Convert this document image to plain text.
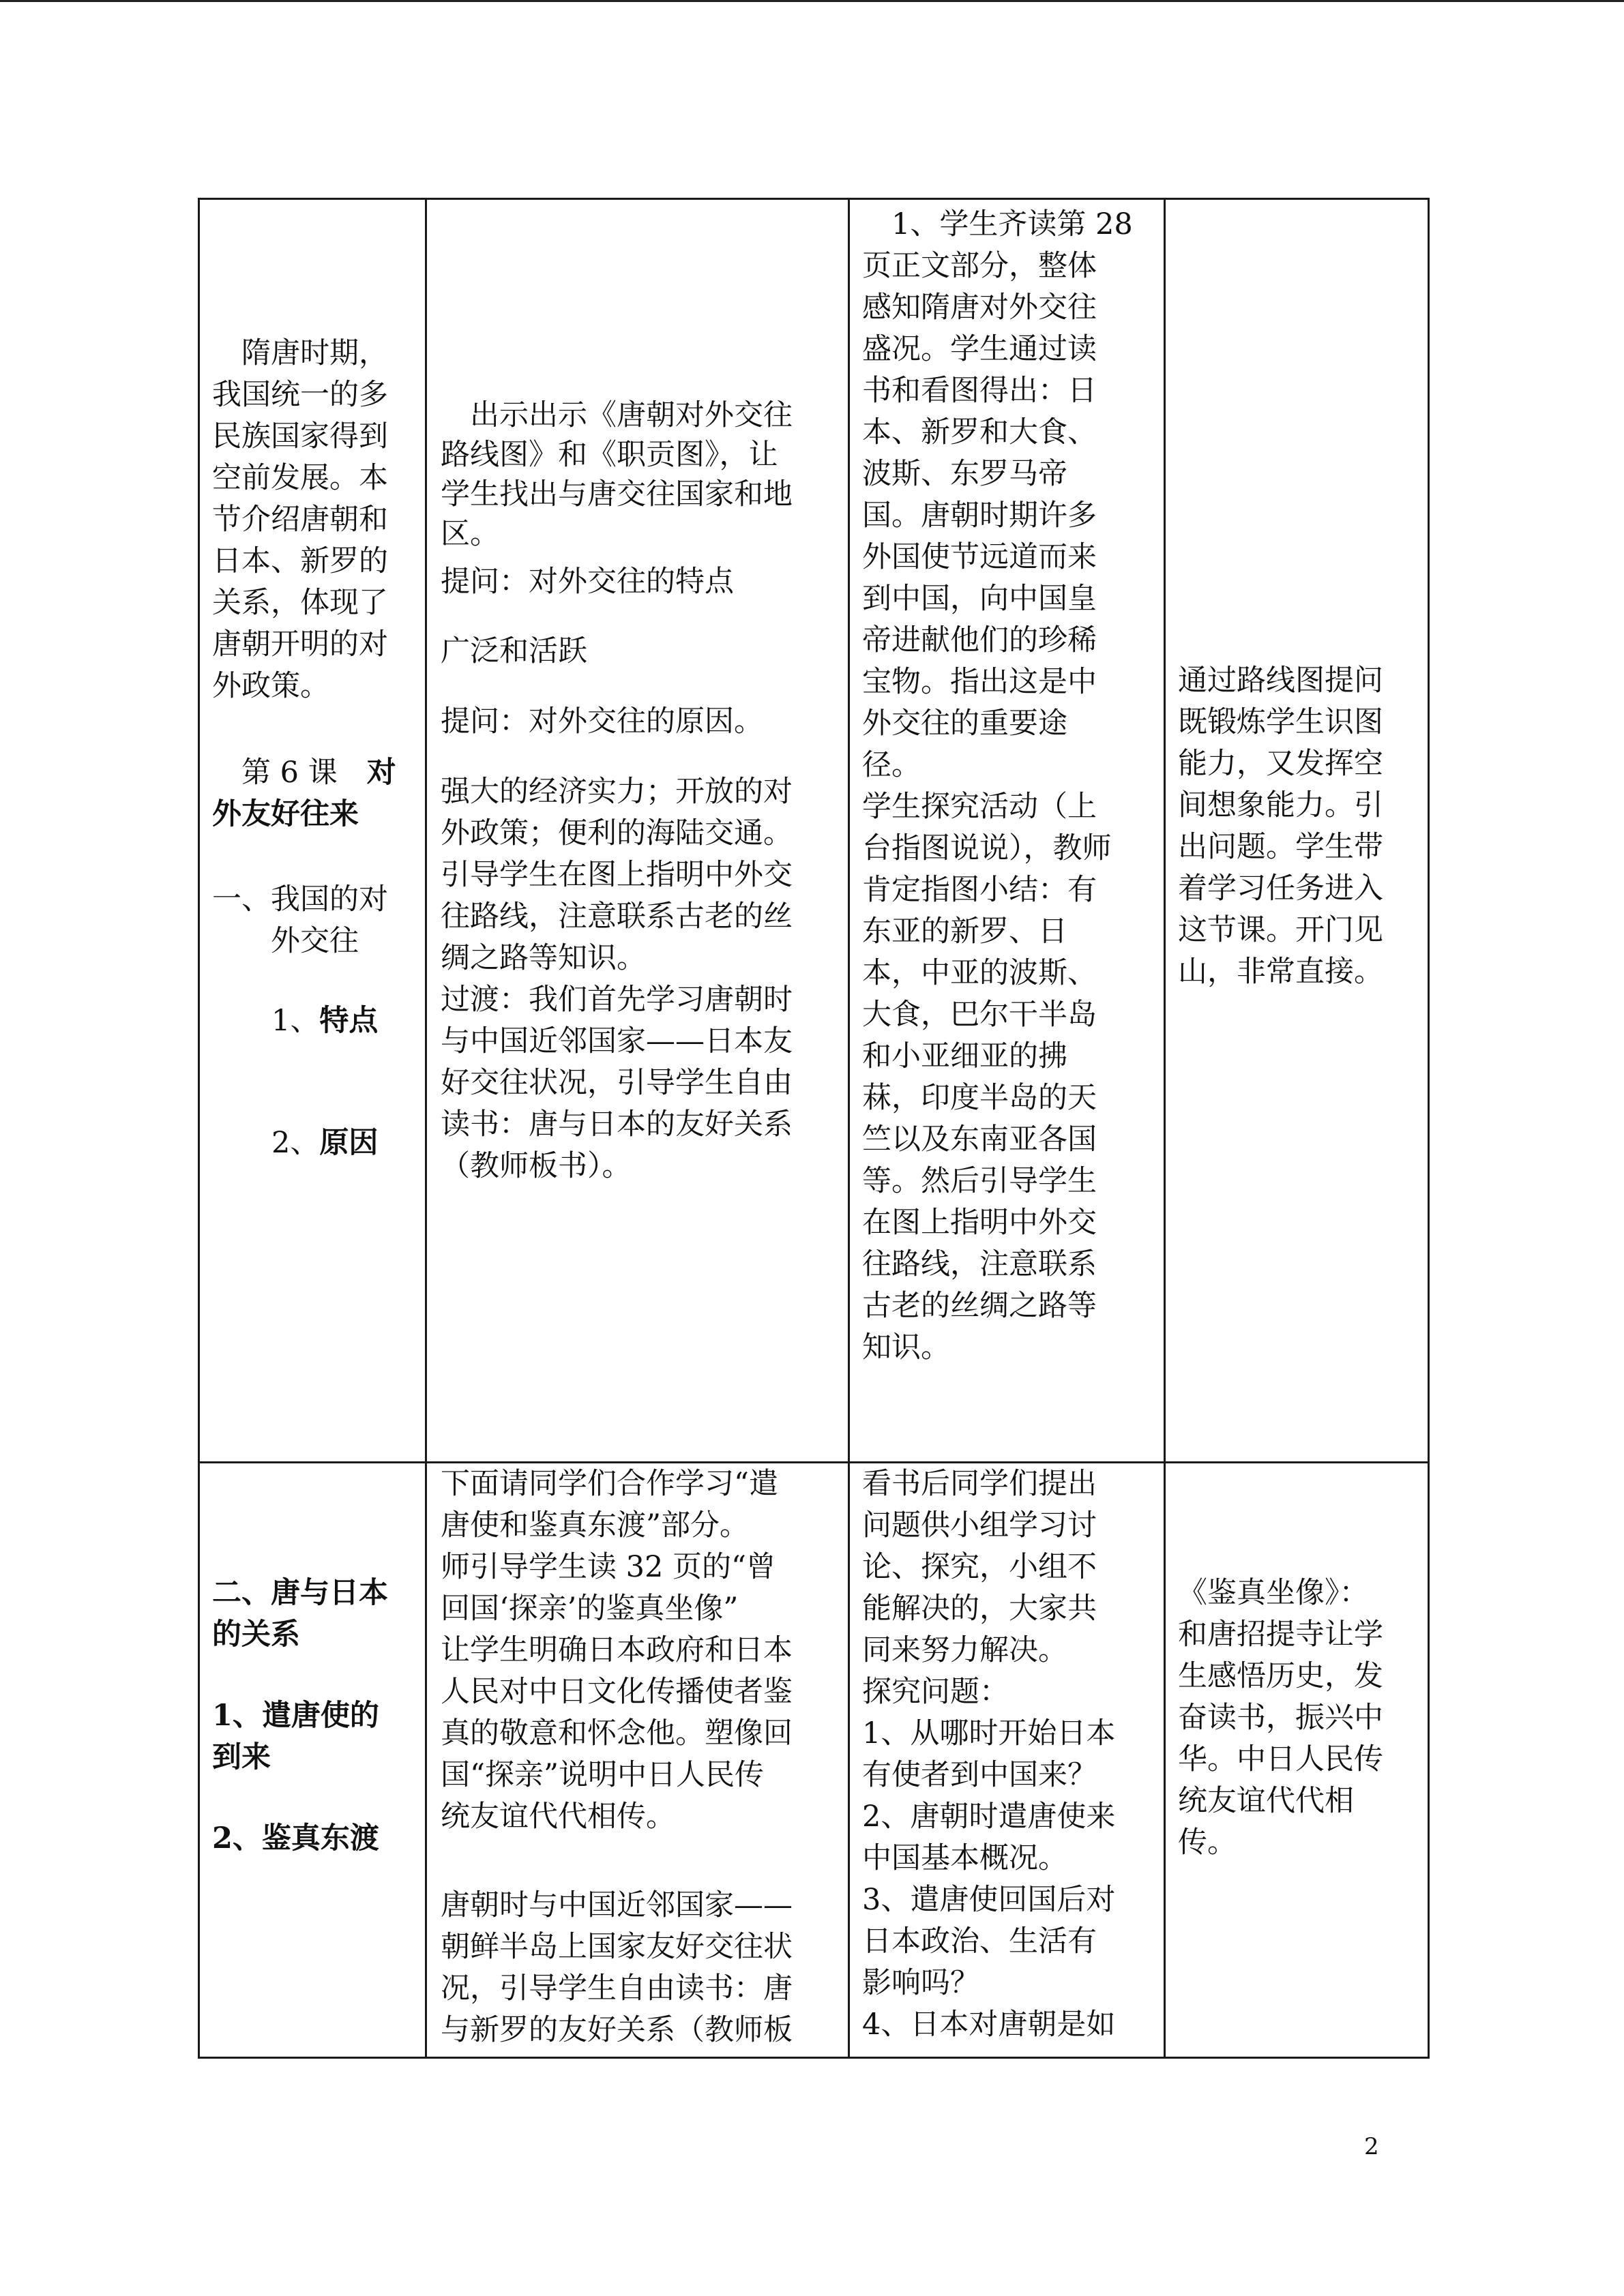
　隋唐时期，
我国统一的多
民族国家得到
空前发展。本
节介绍唐朝和
日本、新罗的
关系，体现了
唐朝开明的对
外政策。
　第 6 课　 对
外友好往来
一、我国的对
　　外交往
1、特点
2、原因
　出示出示《唐朝对外交往
路线图》和《职贡图》，让
学生找出与唐交往国家和地
区。
提问：对外交往的特点
广泛和活跃
提问：对外交往的原因。
强大的经济实力；开放的对
外政策；便利的海陆交通。
引导学生在图上指明中外交
往路线，注意联系古老的丝
绸之路等知识。
过渡：我们首先学习唐朝时
与中国近邻国家——日本友
好交往状况，引导学生自由
读书：唐与日本的友好关系
（教师板书）。
　1、学生齐读第 28
页正文部分，整体
感知隋唐对外交往
盛况。学生通过读
书和看图得出：日
本、新罗和大食、
波斯、东罗马帝
国。唐朝时期许多
外国使节远道而来
到中国，向中国皇
帝进献他们的珍稀
宝物。指出这是中
外交往的重要途
径。
学生探究活动（上
台指图说说），教师
肯定指图小结：有
东亚的新罗、日
本，中亚的波斯、
大食，巴尔干半岛
和小亚细亚的拂
菻，印度半岛的天
竺以及东南亚各国
等。然后引导学生
在图上指明中外交
往路线，注意联系
古老的丝绸之路等
知识。
通过路线图提问
既锻炼学生识图
能力，又发挥空
间想象能力。引
出问题。学生带
着学习任务进入
这节课。开门见
山，非常直接。
二、唐与日本
的关系
1、遣唐使的
到来
2、鉴真东渡
下面请同学们合作学习“遣
唐使和鉴真东渡”部分。
师引导学生读 32 页的“曾
回国‘探亲’的鉴真坐像”
让学生明确日本政府和日本
人民对中日文化传播使者鉴
真的敬意和怀念他。塑像回
国“探亲”说明中日人民传
统友谊代代相传。
唐朝时与中国近邻国家——
朝鲜半岛上国家友好交往状
况，引导学生自由读书：唐
与新罗的友好关系（教师板
看书后同学们提出
问题供小组学习讨
论、探究，小组不
能解决的，大家共
同来努力解决。
探究问题：
1、从哪时开始日本
有使者到中国来？
2、唐朝时遣唐使来
中国基本概况。
3、遣唐使回国后对
日本政治、生活有
影响吗？
4、日本对唐朝是如
《鉴真坐像》：
和唐招提寺让学
生感悟历史，发
奋读书，振兴中
华。中日人民传
统友谊代代相
传。
2
